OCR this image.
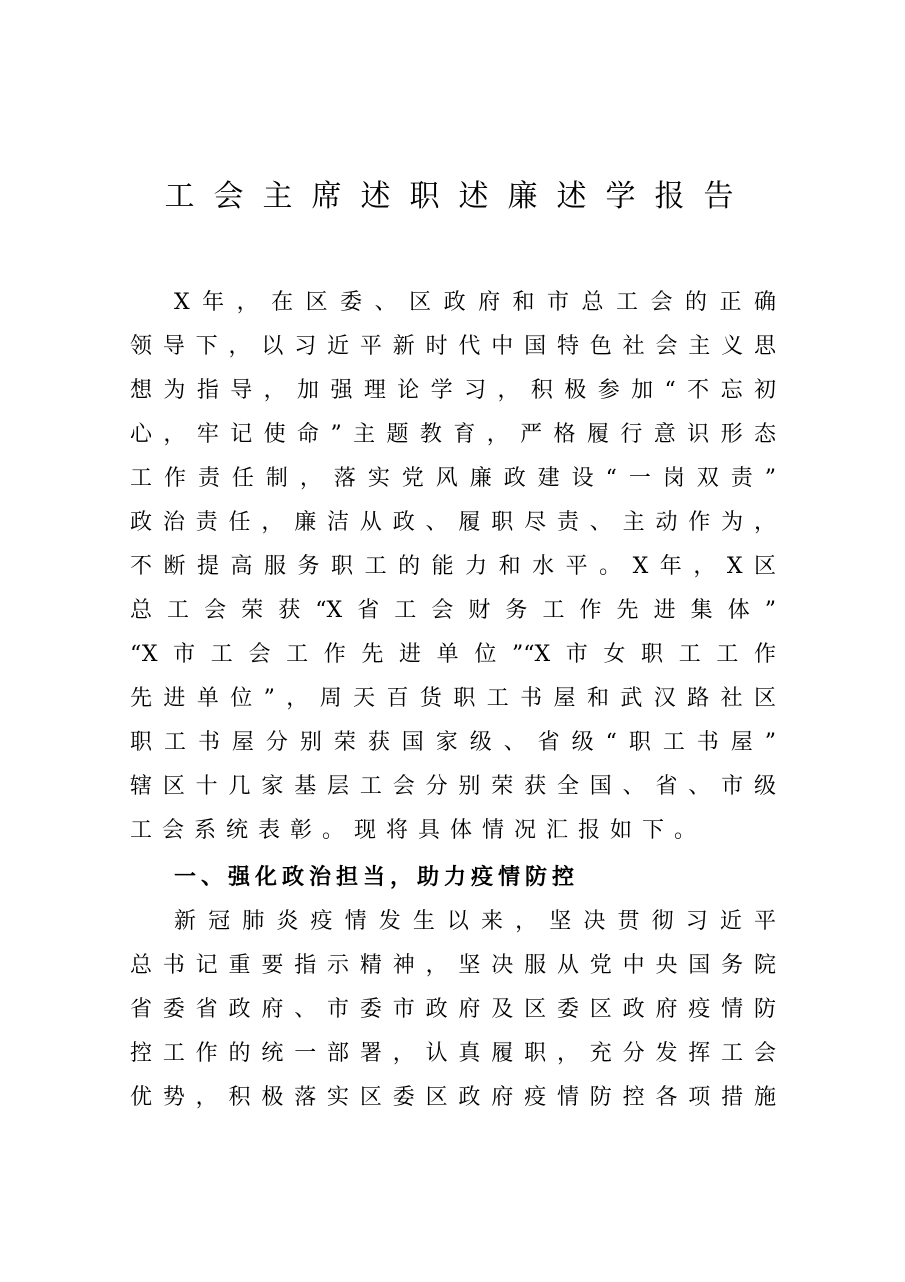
工会主席述职述廉述学报告
X年，在区委、区政府和市总工会的正确
领导下，以习近平新时代中国特色社会主义思
想为指导，加强理论学习，积极参加“不忘初
心，牢记使命”主题教育，严格履行意识形态
工作责任制，落实党风廉政建设“一岗双责”
政治责任，廉洁从政、履职尽责、主动作为，
不断提高服务职工的能力和水平。X年，X区
总工会荣获“X省工会财务工作先进集体”
“X市工会工作先进单位”“X市女职工工作
先进单位”，周天百货职工书屋和武汉路社区
职工书屋分别荣获国家级、省级“职工书屋”
辖区十几家基层工会分别荣获全国、省、市级
工会系统表彰。现将具体情况汇报如下。
一、强化政治担当，助力疫情防控
新冠肺炎疫情发生以来，坚决贯彻习近平
总书记重要指示精神，坚决服从党中央国务院
省委省政府、市委市政府及区委区政府疫情防
控工作的统一部署，认真履职，充分发挥工会
优势，积极落实区委区政府疫情防控各项措施
